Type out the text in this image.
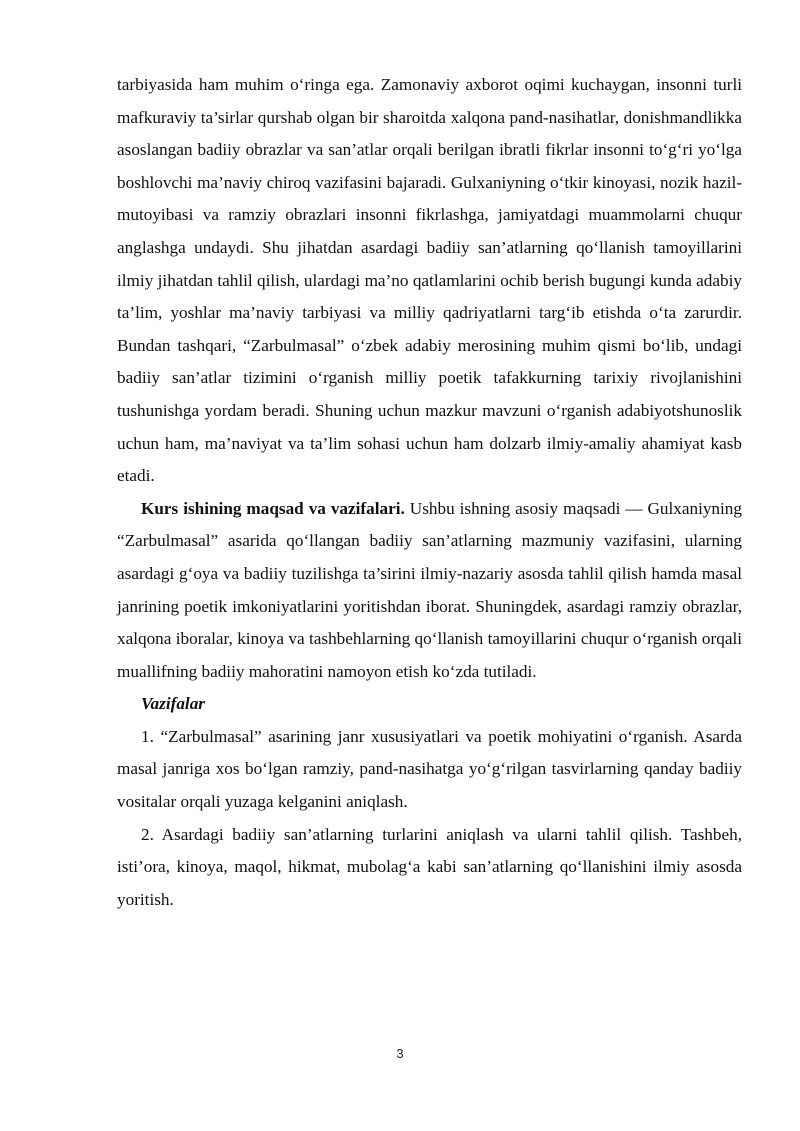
tarbiyasida ham muhim o‘ringa ega. Zamonaviy axborot oqimi kuchaygan, insonni turli mafkuraviy ta’sirlar qurshab olgan bir sharoitda xalqona pand-nasihatlar, donishmandlikka asoslangan badiiy obrazlar va san’atlar orqali berilgan ibratli fikrlar insonni to‘g‘ri yo‘lga boshlovchi ma’naviy chiroq vazifasini bajaradi. Gulxaniyning o‘tkir kinoyasi, nozik hazil-mutoyibasi va ramziy obrazlari insonni fikrlashga, jamiyatdagi muammolarni chuqur anglashga undaydi. Shu jihatdan asardagi badiiy san’atlarning qo‘llanish tamoyillarini ilmiy jihatdan tahlil qilish, ulardagi ma’no qatlamlarini ochib berish bugungi kunda adabiy ta’lim, yoshlar ma’naviy tarbiyasi va milliy qadriyatlarni targ‘ib etishda o‘ta zarurdir. Bundan tashqari, “Zarbulmasal” o‘zbek adabiy merosining muhim qismi bo‘lib, undagi badiiy san’atlar tizimini o‘rganish milliy poetik tafakkurning tarixiy rivojlanishini tushunishga yordam beradi. Shuning uchun mazkur mavzuni o‘rganish adabiyotshunoslik uchun ham, ma’naviyat va ta’lim sohasi uchun ham dolzarb ilmiy-amaliy ahamiyat kasb etadi.

Kurs ishining maqsad va vazifalari. Ushbu ishning asosiy maqsadi — Gulxaniyning “Zarbulmasal” asarida qo‘llangan badiiy san’atlarning mazmuniy vazifasini, ularning asardagi g‘oya va badiiy tuzilishga ta’sirini ilmiy-nazariy asosda tahlil qilish hamda masal janrining poetik imkoniyatlarini yoritishdan iborat. Shuningdek, asardagi ramziy obrazlar, xalqona iboralar, kinoya va tashbehlarning qo‘llanish tamoyillarini chuqur o‘rganish orqali muallifning badiiy mahoratini namoyon etish ko‘zda tutiladi.

Vazifalar

1. “Zarbulmasal” asarining janr xususiyatlari va poetik mohiyatini o‘rganish. Asarda masal janriga xos bo‘lgan ramziy, pand-nasihatga yo‘g‘rilgan tasvirlarning qanday badiiy vositalar orqali yuzaga kelganini aniqlash.

2. Asardagi badiiy san’atlarning turlarini aniqlash va ularni tahlil qilish. Tashbeh, isti’ora, kinoya, maqol, hikmat, mubolag‘a kabi san’atlarning qo‘llanishini ilmiy asosda yoritish.

3
